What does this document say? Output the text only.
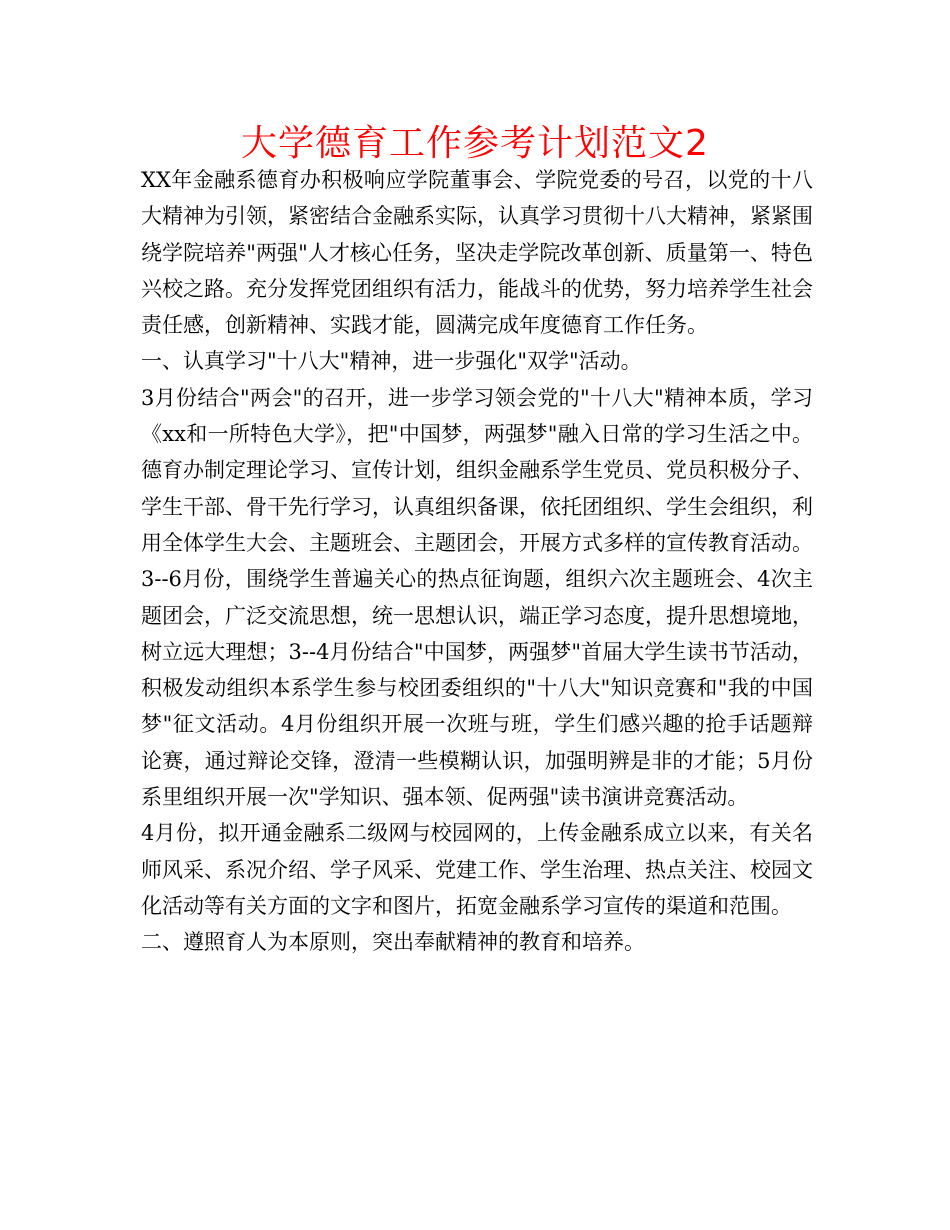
大学德育工作参考计划范文2

XX年金融系德育办积极响应学院董事会、学院党委的号召，以党的十八大精神为引领，紧密结合金融系实际，认真学习贯彻十八大精神，紧紧围绕学院培养"两强"人才核心任务，坚决走学院改革创新、质量第一、特色兴校之路。充分发挥党团组织有活力，能战斗的优势，努力培养学生社会责任感，创新精神、实践才能，圆满完成年度德育工作任务。

一、认真学习"十八大"精神，进一步强化"双学"活动。

3月份结合"两会"的召开，进一步学习领会党的"十八大"精神本质，学习《xx和一所特色大学》，把"中国梦，两强梦"融入日常的学习生活之中。德育办制定理论学习、宣传计划，组织金融系学生党员、党员积极分子、学生干部、骨干先行学习，认真组织备课，依托团组织、学生会组织，利用全体学生大会、主题班会、主题团会，开展方式多样的宣传教育活动。3--6月份，围绕学生普遍关心的热点征询题，组织六次主题班会、4次主题团会，广泛交流思想，统一思想认识，端正学习态度，提升思想境地，树立远大理想；3--4月份结合"中国梦，两强梦"首届大学生读书节活动，积极发动组织本系学生参与校团委组织的"十八大"知识竞赛和"我的中国梦"征文活动。4月份组织开展一次班与班，学生们感兴趣的抢手话题辩论赛，通过辩论交锋，澄清一些模糊认识，加强明辨是非的才能；5月份系里组织开展一次"学知识、强本领、促两强"读书演讲竞赛活动。

4月份，拟开通金融系二级网与校园网的，上传金融系成立以来，有关名师风采、系况介绍、学子风采、党建工作、学生治理、热点关注、校园文化活动等有关方面的文字和图片，拓宽金融系学习宣传的渠道和范围。

二、遵照育人为本原则，突出奉献精神的教育和培养。
